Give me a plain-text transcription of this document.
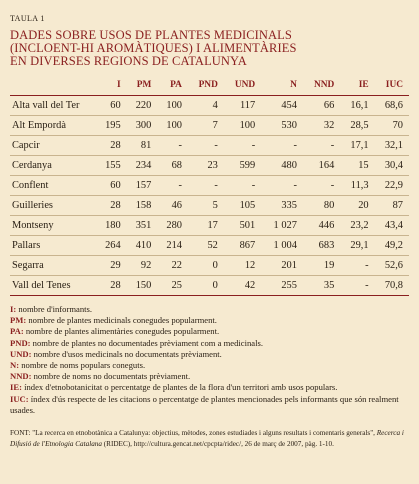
TAULA 1
DADES SOBRE USOS DE PLANTES MEDICINALS
(INCLOENT-HI AROMÀTIQUES) I ALIMENTÀRIES
EN DIVERSES REGIONS DE CATALUNYA
	I	PM	PA	PND	UND	N	NND	IE	IUC
Alta vall del Ter	60	220	100	4	117	454	66	16,1	68,6
Alt Empordà	195	300	100	7	100	530	32	28,5	70
Capcir	28	81	-	-	-	-	-	17,1	32,1
Cerdanya	155	234	68	23	599	480	164	15	30,4
Conflent	60	157	-	-	-	-	-	11,3	22,9
Guilleries	28	158	46	5	105	335	80	20	87
Montseny	180	351	280	17	501	1 027	446	23,2	43,4
Pallars	264	410	214	52	867	1 004	683	29,1	49,2
Segarra	29	92	22	0	12	201	19	-	52,6
Vall del Tenes	28	150	25	0	42	255	35	-	70,8
I: nombre d'informants.
PM: nombre de plantes medicinals conegudes popularment.
PA: nombre de plantes alimentàries conegudes popularment.
PND: nombre de plantes no documentades prèviament com a medicinals.
UND: nombre d'usos medicinals no documentats prèviament.
N: nombre de noms populars coneguts.
NND: nombre de noms no documentats prèviament.
IE: índex d'etnobotanicitat o percentatge de plantes de la flora d'un territori amb usos populars.
IUC: índex d'ús respecte de les citacions o percentatge de plantes mencionades pels informants que són realment usades.
FONT: "La recerca en etnobotànica a Catalunya: objectius, mètodes, zones estudiades i alguns resultats i comentaris generals", Recerca i Difusió de l'Etnologia Catalana (RIDEC), http://cultura.gencat.net/cpcpta/ridec/, 26 de març de 2007, pàg. 1-10.
